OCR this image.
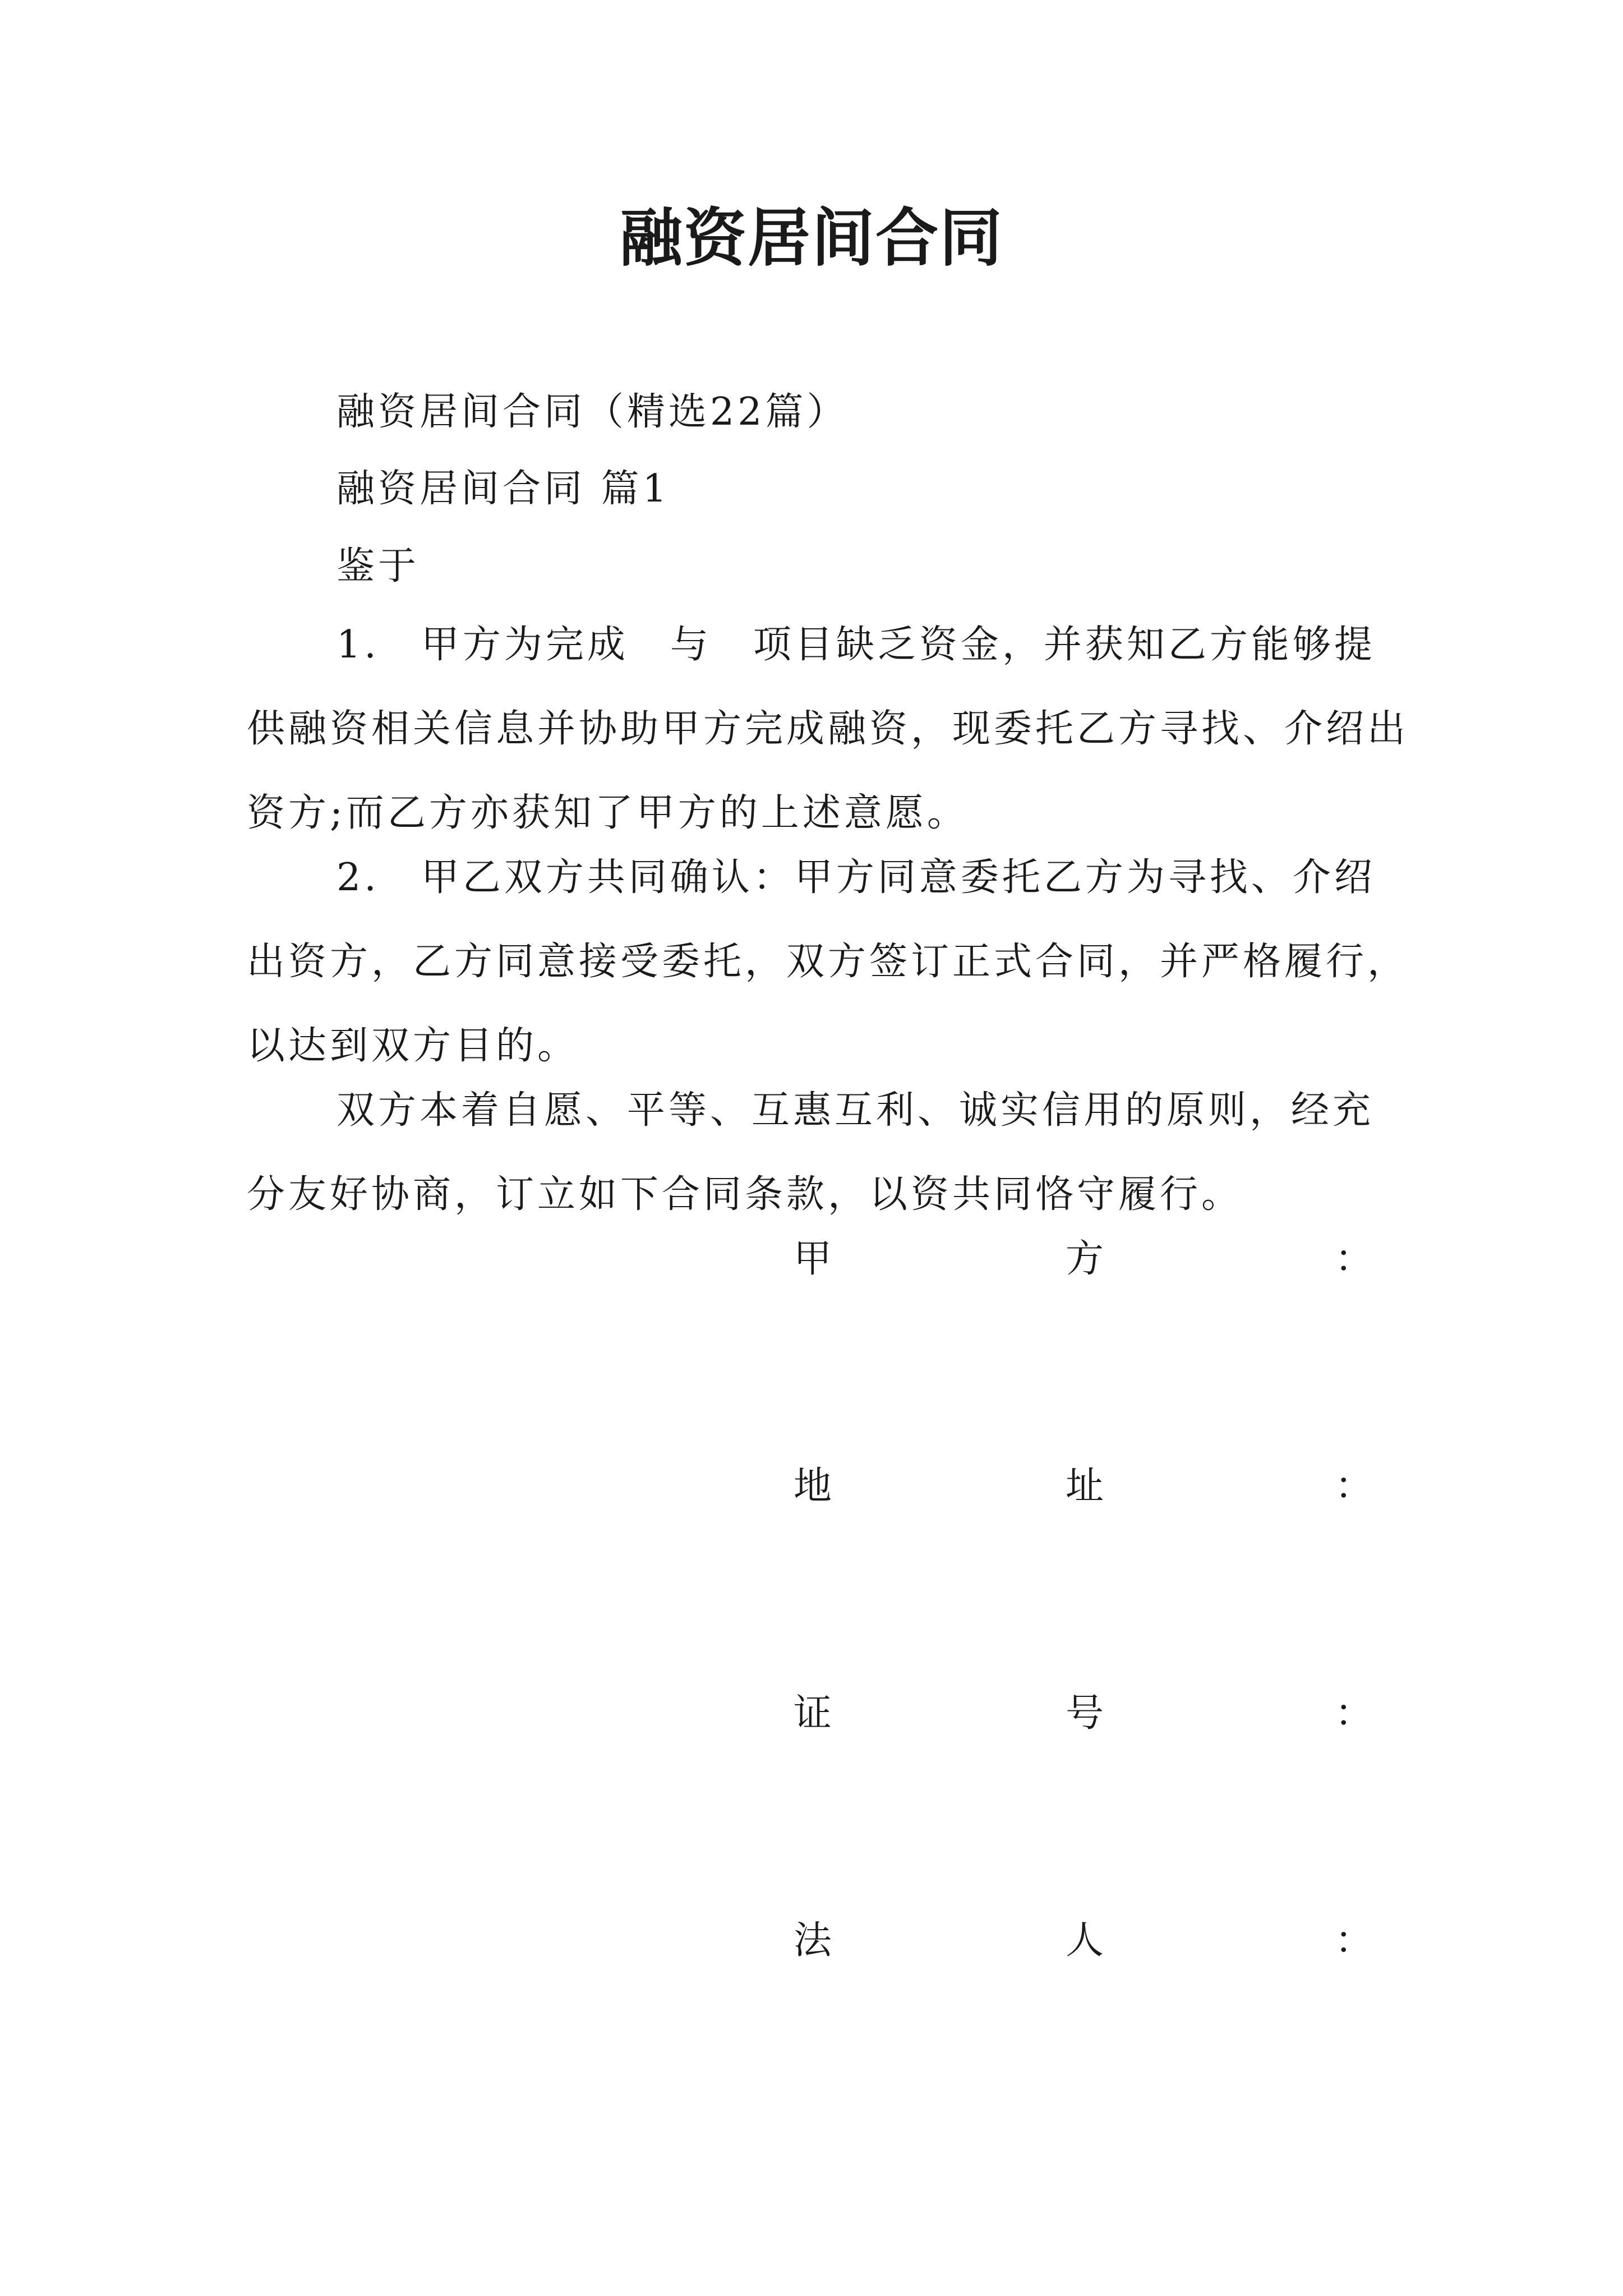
融资居间合同
融资居间合同（精选22篇）
融资居间合同 篇1
鉴于

1.　甲方为完成　与　项目缺乏资金，并获知乙方能够提供融资相关信息并协助甲方完成融资，现委托乙方寻找、介绍出资方;而乙方亦获知了甲方的上述意愿。

2.　甲乙双方共同确认：甲方同意委托乙方为寻找、介绍出资方，乙方同意接受委托，双方签订正式合同，并严格履行，以达到双方目的。

双方本着自愿、平等、互惠互利、诚实信用的原则，经充分友好协商，订立如下合同条款，以资共同恪守履行。

甲	方	：
地	址	：
证	号	：
法	人	：
